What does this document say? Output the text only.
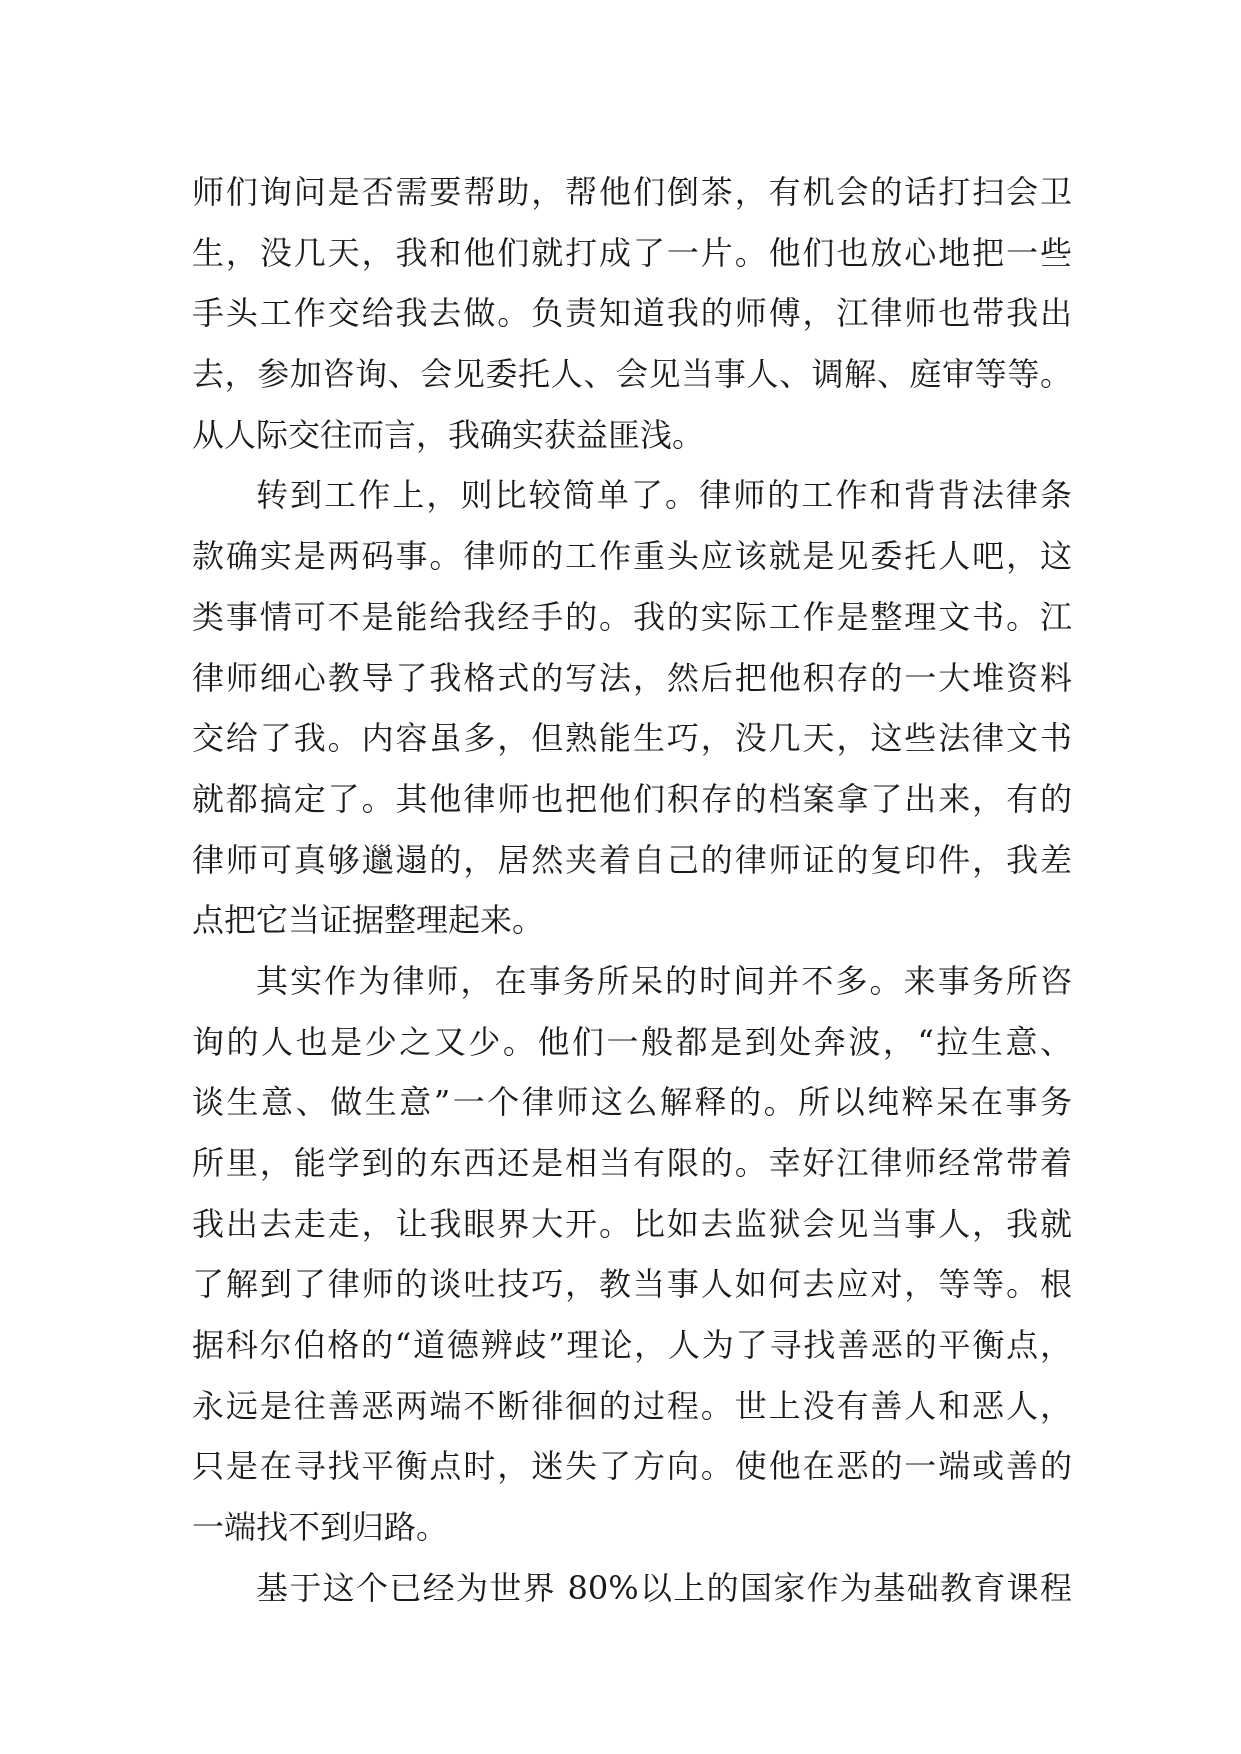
师们询问是否需要帮助，帮他们倒茶，有机会的话打扫会卫
生，没几天，我和他们就打成了一片。他们也放心地把一些
手头工作交给我去做。负责知道我的师傅，江律师也带我出
去，参加咨询、会见委托人、会见当事人、调解、庭审等等。
从人际交往而言，我确实获益匪浅。
转到工作上，则比较简单了。律师的工作和背背法律条
款确实是两码事。律师的工作重头应该就是见委托人吧，这
类事情可不是能给我经手的。我的实际工作是整理文书。江
律师细心教导了我格式的写法，然后把他积存的一大堆资料
交给了我。内容虽多，但熟能生巧，没几天，这些法律文书
就都搞定了。其他律师也把他们积存的档案拿了出来，有的
律师可真够邋遢的，居然夹着自己的律师证的复印件，我差
点把它当证据整理起来。
其实作为律师，在事务所呆的时间并不多。来事务所咨
询的人也是少之又少。他们一般都是到处奔波，“拉生意、
谈生意、做生意”一个律师这么解释的。所以纯粹呆在事务
所里，能学到的东西还是相当有限的。幸好江律师经常带着
我出去走走，让我眼界大开。比如去监狱会见当事人，我就
了解到了律师的谈吐技巧，教当事人如何去应对，等等。根
据科尔伯格的“道德辨歧”理论，人为了寻找善恶的平衡点，
永远是往善恶两端不断徘徊的过程。世上没有善人和恶人，
只是在寻找平衡点时，迷失了方向。使他在恶的一端或善的
一端找不到归路。
基于这个已经为世界 80%以上的国家作为基础教育课程
